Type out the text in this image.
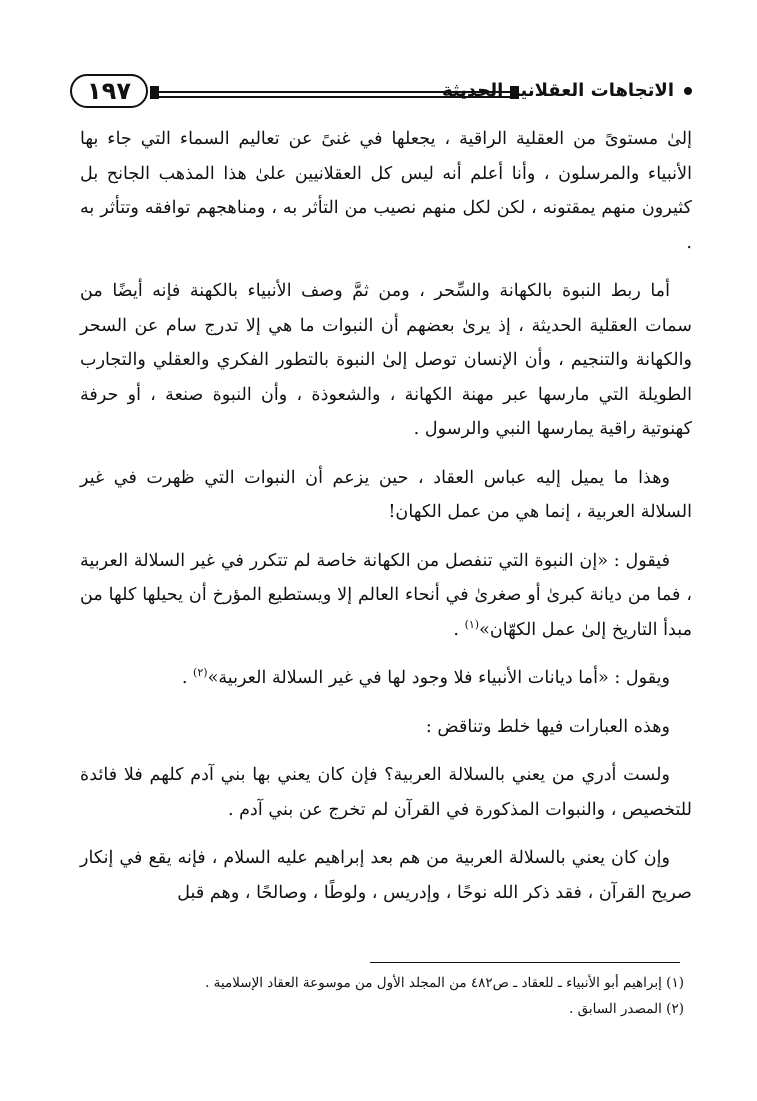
١٩٧	الاتجاهات العقلانية الحديثة

إلىٰ مستوىً من العقلية الراقية ، يجعلها في غنىً عن تعاليم السماء التي جاء بها الأنبياء والمرسلون ، وأنا أعلم أنه ليس كل العقلانيين علىٰ هذا المذهب الجانح بل كثيرون منهم يمقتونه ، لكن لكل منهم نصيب من التأثر به ، ومناهجهم توافقه وتتأثر به .

أما ربط النبوة بالكهانة والسِّحر ، ومن ثمَّ وصف الأنبياء بالكهنة فإنه أيضًا من سمات العقلية الحديثة ، إذ يرىٰ بعضهم أن النبوات ما هي إلا تدرج سام عن السحر والكهانة والتنجيم ، وأن الإنسان توصل إلىٰ النبوة بالتطور الفكري والعقلي والتجارب الطويلة التي مارسها عبر مهنة الكهانة ، والشعوذة ، وأن النبوة صنعة ، أو حرفة كهنوتية راقية يمارسها النبي والرسول .

وهذا ما يميل إليه عباس العقاد ، حين يزعم أن النبوات التي ظهرت في غير السلالة العربية ، إنما هي من عمل الكهان!

فيقول : «إن النبوة التي تنفصل من الكهانة خاصة لم تتكرر في غير السلالة العربية ، فما من ديانة كبرىٰ أو صغرىٰ في أنحاء العالم إلا ويستطيع المؤرخ أن يحيلها كلها من مبدأ التاريخ إلىٰ عمل الكهّان»$^{(١)}$ .

ويقول : «أما ديانات الأنبياء فلا وجود لها في غير السلالة العربية»$^{(٢)}$ .

وهذه العبارات فيها خلط وتناقض :

ولست أدري من يعني بالسلالة العربية؟ فإن كان يعني بها بني آدم كلهم فلا فائدة للتخصيص ، والنبوات المذكورة في القرآن لم تخرج عن بني آدم .

وإن كان يعني بالسلالة العربية من هم بعد إبراهيم عليه السلام ، فإنه يقع في إنكار صريح القرآن ، فقد ذكر الله نوحًا ، وإدريس ، ولوطًا ، وصالحًا ، وهم قبل

(١) إبراهيم أبو الأنبياء ـ للعقاد ـ ص٤٨٢ من المجلد الأول من موسوعة العقاد الإسلامية .
(٢) المصدر السابق .
